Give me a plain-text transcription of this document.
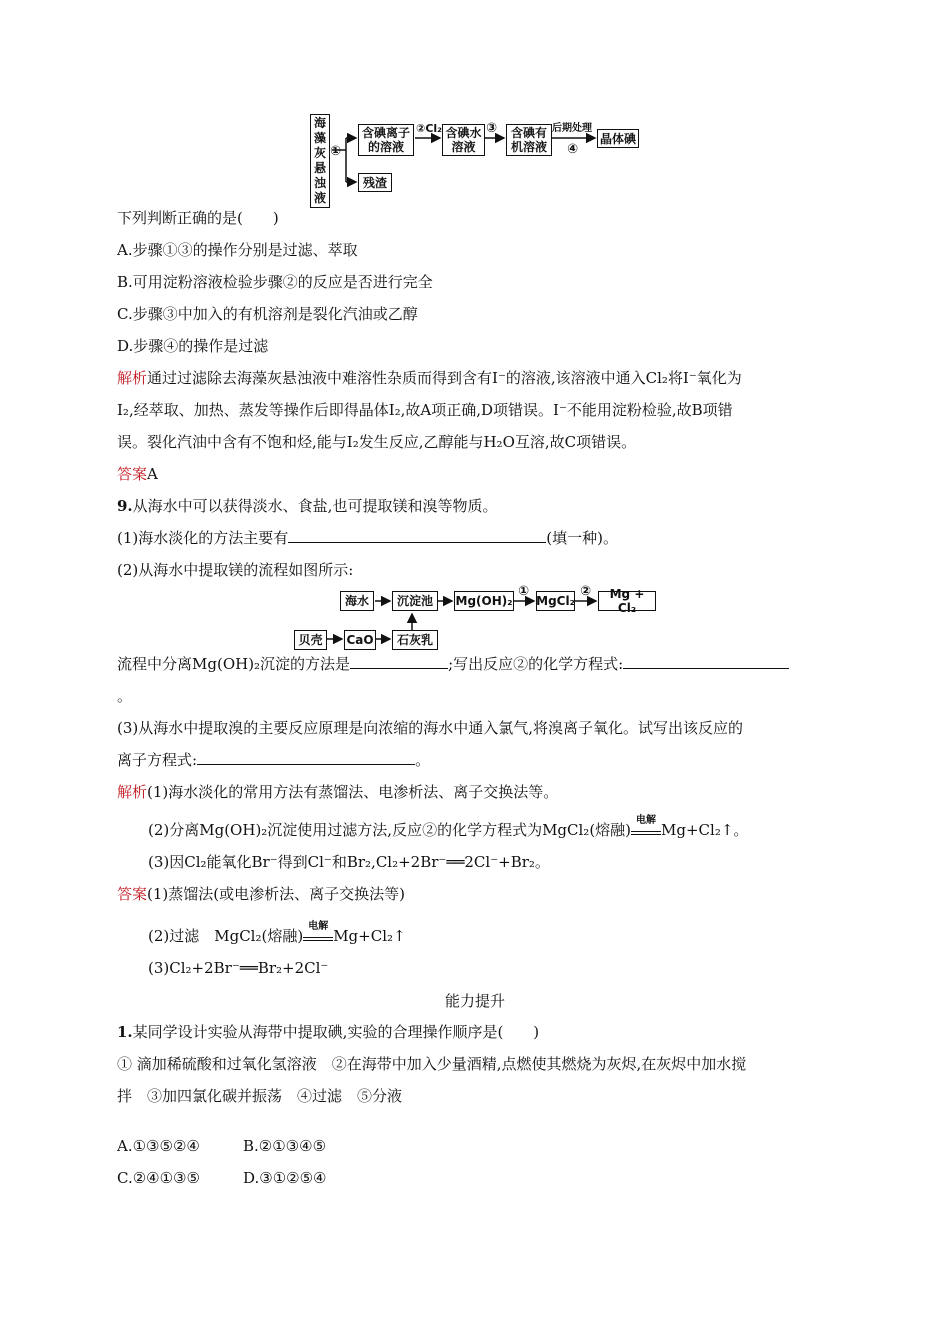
海
藻
灰
悬
浊
液
①
含碘离子
的溶液
②Cl₂ 含碘水
溶液
③ 含碘有
机溶液
后期处理
④
晶体碘
残渣
下列判断正确的是(　　)
A.步骤①③的操作分别是过滤、萃取
B.可用淀粉溶液检验步骤②的反应是否进行完全
C.步骤③中加入的有机溶剂是裂化汽油或乙醇
D.步骤④的操作是过滤
解析通过过滤除去海藻灰悬浊液中难溶性杂质而得到含有I⁻的溶液,该溶液中通入Cl₂将I⁻氧化为
I₂,经萃取、加热、蒸发等操作后即得晶体I₂,故A项正确,D项错误。I⁻不能用淀粉检验,故B项错
误。裂化汽油中含有不饱和烃,能与I₂发生反应,乙醇能与H₂O互溶,故C项错误。
答案A
9.从海水中可以获得淡水、食盐,也可提取镁和溴等物质。
(1)海水淡化的方法主要有	(填一种)。
(2)从海水中提取镁的流程如图所示:
海水	沉淀池	Mg(OH)₂
①
MgCl₂
②	Mg + Cl₂
贝壳	CaO	石灰乳
流程中分离Mg(OH)₂沉淀的方法是	;写出反应②的化学方程式:
。
(3)从海水中提取溴的主要反应原理是向浓缩的海水中通入氯气,将溴离子氧化。试写出该反应的
离子方程式:	。
解析(1)海水淡化的常用方法有蒸馏法、电渗析法、离子交换法等。
(2)分离Mg(OH)₂沉淀使用过滤方法,反应②的化学方程式为MgCl₂(熔融)
电解
Mg+Cl₂↑。
(3)因Cl₂能氧化Br⁻得到Cl⁻和Br₂,Cl₂+2Br⁻══2Cl⁻+Br₂。
答案(1)蒸馏法(或电渗析法、离子交换法等)
(2)过滤　MgCl₂(熔融)
电解
Mg+Cl₂↑
(3)Cl₂+2Br⁻══Br₂+2Cl⁻
能力提升
1.某同学设计实验从海带中提取碘,实验的合理操作顺序是(　　)
① 滴加稀硫酸和过氧化氢溶液　②在海带中加入少量酒精,点燃使其燃烧为灰烬,在灰烬中加水搅
拌　③加四氯化碳并振荡　④过滤　⑤分液
A.①③⑤②④	B.②①③④⑤
C.②④①③⑤	D.③①②⑤④
